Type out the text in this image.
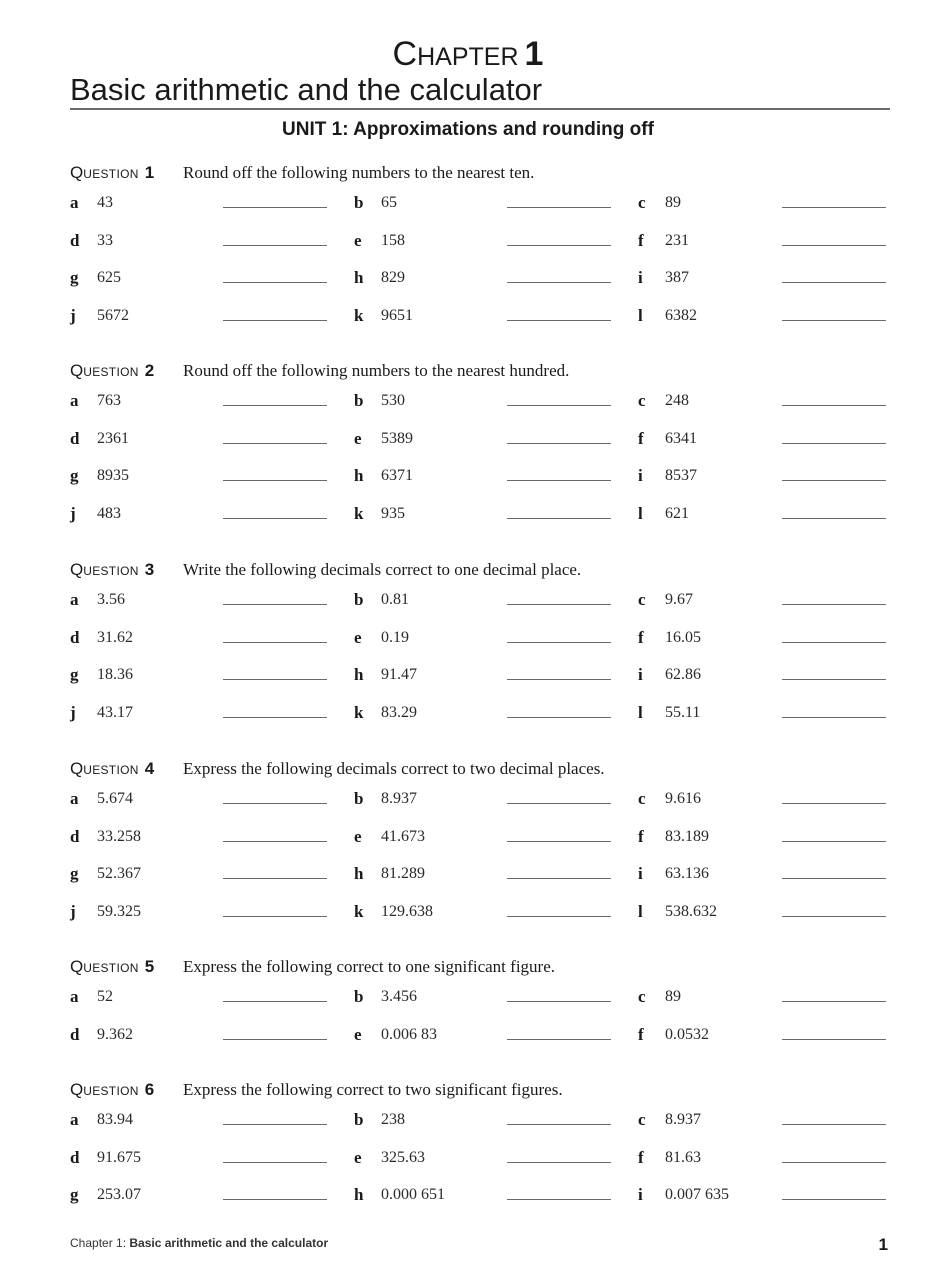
CHAPTER 1
Basic arithmetic and the calculator
UNIT 1: Approximations and rounding off
QUESTION 1 Round off the following numbers to the nearest ten.
a 43	b 65	c 89
d 33	e 158	f 231
g 625	h 829	i 387
j 5672	k 9651	l 6382
QUESTION 2 Round off the following numbers to the nearest hundred.
a 763	b 530	c 248
d 2361	e 5389	f 6341
g 8935	h 6371	i 8537
j 483	k 935	l 621
QUESTION 3 Write the following decimals correct to one decimal place.
a 3.56	b 0.81	c 9.67
d 31.62	e 0.19	f 16.05
g 18.36	h 91.47	i 62.86
j 43.17	k 83.29	l 55.11
QUESTION 4 Express the following decimals correct to two decimal places.
a 5.674	b 8.937	c 9.616
d 33.258	e 41.673	f 83.189
g 52.367	h 81.289	i 63.136
j 59.325	k 129.638	l 538.632
QUESTION 5 Express the following correct to one significant figure.
a 52	b 3.456	c 89
d 9.362	e 0.006 83	f 0.0532
QUESTION 6 Express the following correct to two significant figures.
a 83.94	b 238	c 8.937
d 91.675	e 325.63	f 81.63
g 253.07	h 0.000 651	i 0.007 635
Chapter 1: Basic arithmetic and the calculator	1
